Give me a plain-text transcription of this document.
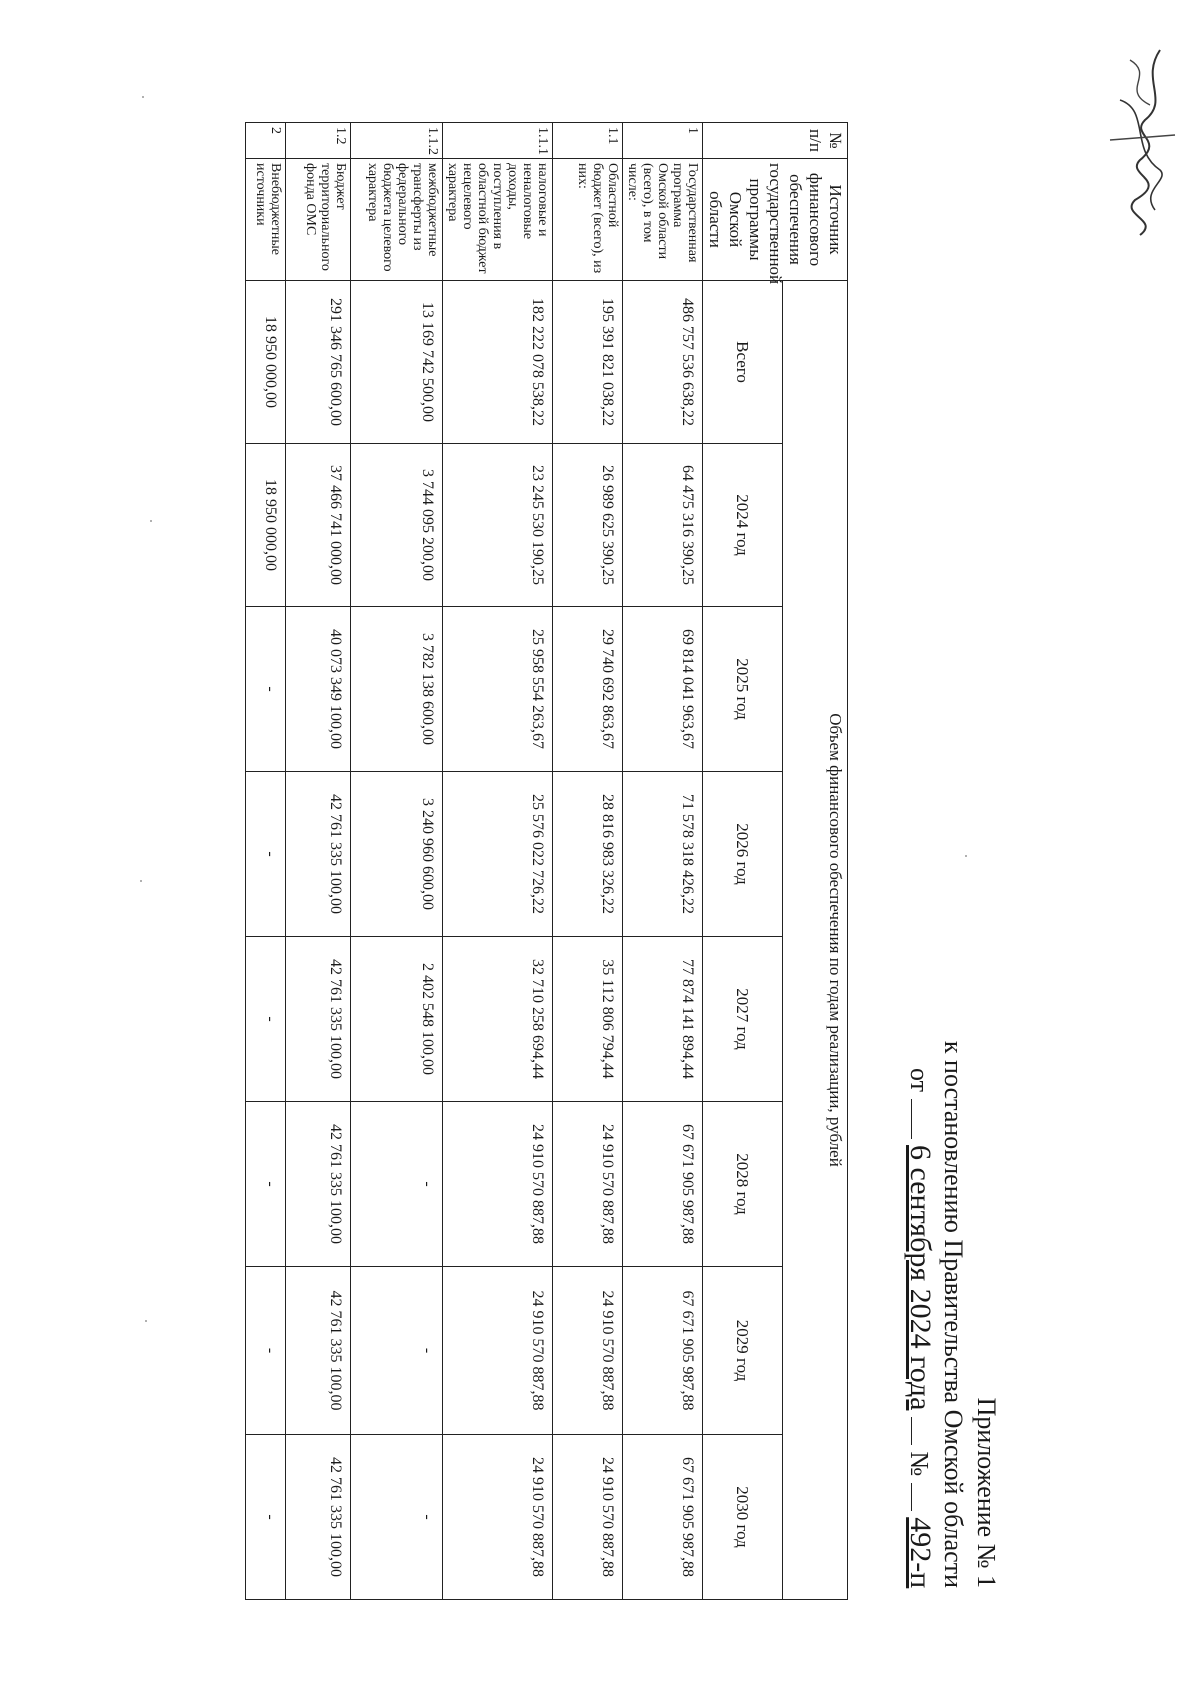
Приложение № 1
к постановлению Правительства Омской области
от  6 сентября 2024 года  №  492-п
№ п/п	Источник финансового обеспечения государственной программы Омской области	Объем финансового обеспечения по годам реализации, рублей							
		Всего	2024 год	2025 год	2026 год	2027 год	2028 год	2029 год	2030 год
1	Государственная программа Омской области (всего), в том числе:	486 757 536 638,22	64 475 316 390,25	69 814 041 963,67	71 578 318 426,22	77 874 141 894,44	67 671 905 987,88	67 671 905 987,88	67 671 905 987,88
1.1	Областной бюджет (всего), из них:	195 391 821 038,22	26 989 625 390,25	29 740 692 863,67	28 816 983 326,22	35 112 806 794,44	24 910 570 887,88	24 910 570 887,88	24 910 570 887,88
1.1.1	налоговые и неналоговые доходы, поступления в областной бюджет нецелевого характера	182 222 078 538,22	23 245 530 190,25	25 958 554 263,67	25 576 022 726,22	32 710 258 694,44	24 910 570 887,88	24 910 570 887,88	24 910 570 887,88
1.1.2	межбюджетные трансферты из федерального бюджета целевого характера	13 169 742 500,00	3 744 095 200,00	3 782 138 600,00	3 240 960 600,00	2 402 548 100,00	-	-	-
1.2	Бюджет территориального фонда ОМС	291 346 765 600,00	37 466 741 000,00	40 073 349 100,00	42 761 335 100,00	42 761 335 100,00	42 761 335 100,00	42 761 335 100,00	42 761 335 100,00
2	Внебюджетные источники	18 950 000,00	18 950 000,00	-	-	-	-	-	-
